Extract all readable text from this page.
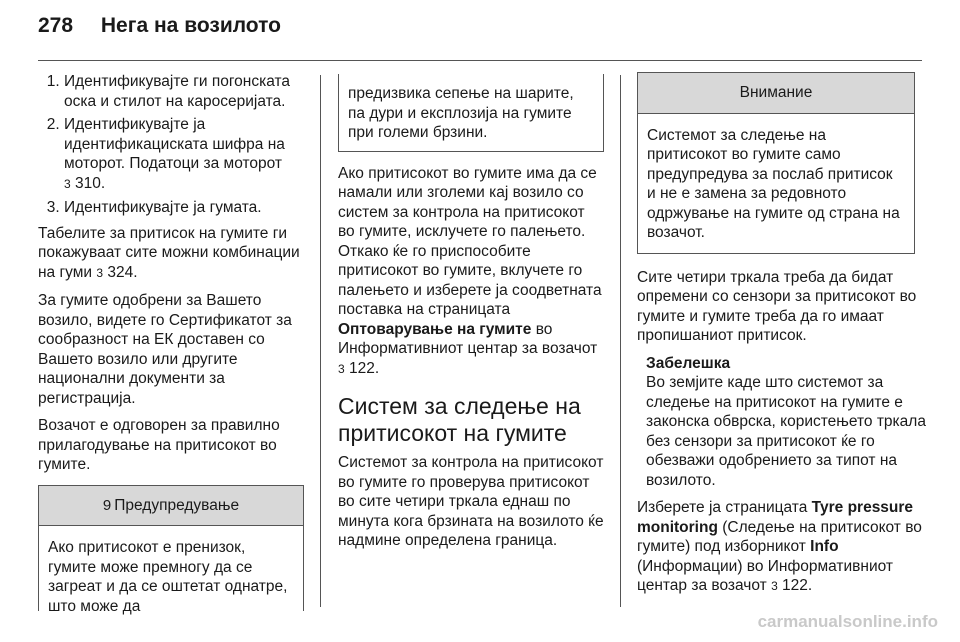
278 Нега на возилото
1. Идентификувајте ги погонската оска и стилот на каросеријата.
2. Идентификувајте ја идентификациската шифра на моторот. Податоци за моторот
3 310.
3. Идентификувајте ја гумата.

Табелите за притисок на гумите ги покажуваат сите можни комбинации на гуми 3 324.

За гумите одобрени за Вашето возило, видете го Сертификатот за сообразност на ЕК доставен со Вашето возило или другите национални документи за регистрација.

Возачот е одговорен за правилно прилагодување на притисокот во гумите.

9 Предупредување
Ако притисокот е пренизок, гумите може премногу да се загреат и да се оштетат однатре, што може да
предизвика сепење на шарите, па дури и експлозија на гумите при големи брзини.

Ако притисокот во гумите има да се намали или зголеми кај возило со систем за контрола на притисокот во гумите, исклучете го палењето. Откако ќе го приспособите притисокот во гумите, вклучете го палењето и изберете ја соодветната поставка на страницата Оптоварување на гумите во Информативниот центар за возачот 3 122.

Систем за следење на притисокот на гумите

Системот за контрола на притисокот во гумите го проверува притисокот во сите четири тркала еднаш по минута кога брзината на возилото ќе надмине определена граница.

Внимание
Системот за следење на притисокот во гумите само предупредува за послаб притисок и не е замена за редовното одржување на гумите од страна на возачот.

Сите четири тркала треба да бидат опремени со сензори за притисокот во гумите и гумите треба да го имаат пропишаниот притисок.

Забелешка
Во земјите каде што системот за следење на притисокот на гумите е законска обврска, користењето тркала без сензори за притисокот ќе го обезважи одобрението за типот на возилото.

Изберете ја страницата Tyre pressure monitoring (Следење на притисокот во гумите) под изборникот Info (Информации) во Информативниот центар за возачот 3 122.

carmanualsonline.info
